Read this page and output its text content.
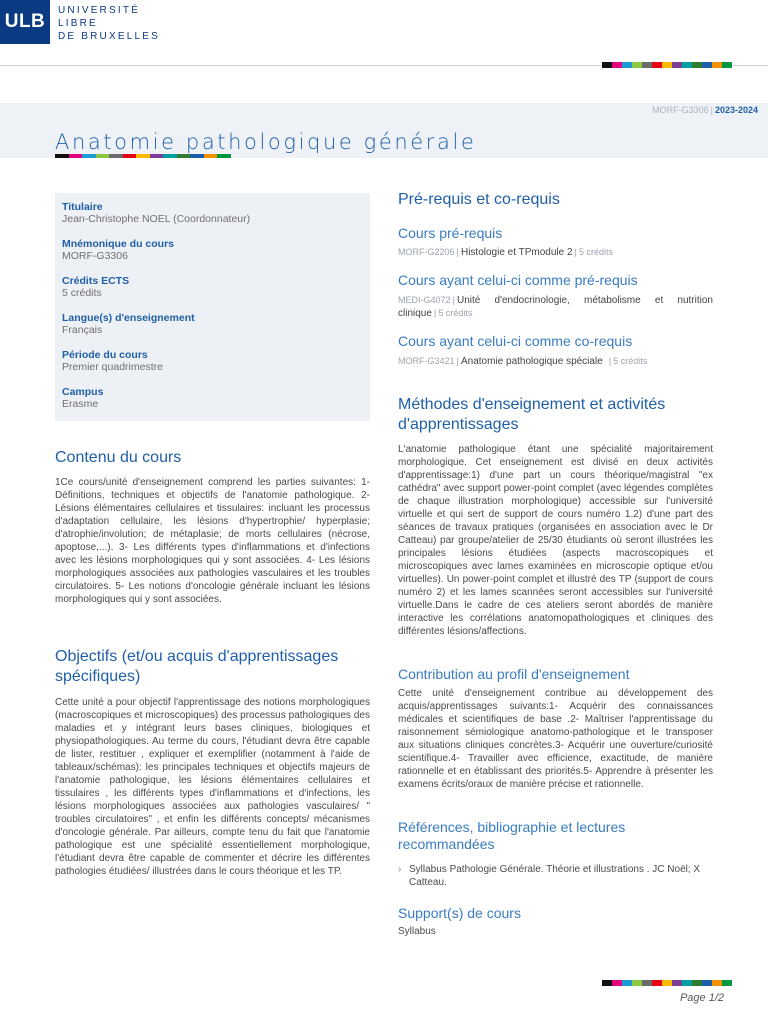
ULB
UNIVERSITÉ
LIBRE
DE BRUXELLES
MORF-G3306 | 2023-2024
Anatomie pathologique générale
Titulaire
Jean-Christophe NOEL (Coordonnateur)
Mnémonique du cours
MORF-G3306
Crédits ECTS
5 crédits
Langue(s) d'enseignement
Français
Période du cours
Premier quadrimestre
Campus
Erasme
Contenu du cours
1Ce cours/unité d'enseignement comprend les parties suivantes: 1- Définitions, techniques et objectifs de l'anatomie pathologique. 2- Lésions élémentaires cellulaires et tissulaires: incluant les processus d'adaptation cellulaire, les lésions d'hypertrophie/ hyperplasie; d'atrophie/involution; de métaplasie; de morts cellulaires (nécrose, apoptose,...). 3- Les différents types d'inflammations et d'infections avec les lésions morphologiques qui y sont associées. 4- Les lésions morphologiques associées aux pathologies vasculaires et les troubles circulatoires. 5- Les notions d'oncologie générale incluant les lésions morphologiques qui y sont associées.
Objectifs (et/ou acquis d'apprentissages spécifiques)
Cette unité a pour objectif l'apprentissage des notions morphologiques (macroscopiques et microscopiques) des processus pathologiques des maladies et y intégrant leurs bases cliniques, biologiques et physiopathologiques. Au terme du cours, l'étudiant devra être capable de lister, restituer , expliquer et exemplifier (notamment à l'aide de tableaux/schémas): les principales techniques et objectifs majeurs de l'anatomie pathologique, les lésions élémentaires cellulaires et tissulaires , les différents types d'inflammations et d'infections, les lésions morphologiques associées aux pathologies vasculaires/ " troubles circulatoires" , et enfin les différents concepts/ mécanismes d'oncologie générale. Par ailleurs, compte tenu du fait que l'anatomie pathologique est une spécialité essentiellement morphologique, l'étudiant devra être capable de commenter et décrire les différentes pathologies étudiées/ illustrées dans le cours théorique et les TP.
Pré-requis et co-requis
Cours pré-requis
MORF-G2206 | Histologie et TPmodule 2 | 5 crédits
Cours ayant celui-ci comme pré-requis
MEDI-G4072 | Unité d'endocrinologie, métabolisme et nutrition clinique | 5 crédits
Cours ayant celui-ci comme co-requis
MORF-G3421 | Anatomie pathologique spéciale | 5 crédits
Méthodes d'enseignement et activités d'apprentissages
L'anatomie pathologique étant une spécialité majoritairement morphologique. Cet enseignement est divisé en deux activités d'apprentissage:1) d'une part un cours théorique/magistral "ex cathédra" avec support power-point complet (avec légendes complètes de chaque illustration morphologique) accessible sur l'université virtuelle et qui sert de support de cours numéro 1.2) d'une part des séances de travaux pratiques (organisées en association avec le Dr Catteau) par groupe/atelier de 25/30 étudiants où seront illustrées les principales lésions étudiées (aspects macroscopiques et microscopiques avec lames examinées en microscopie optique et/ou virtuelles). Un power-point complet et illustré des TP (support de cours numéro 2) et les lames scannées seront accessibles sur l'université virtuelle.Dans le cadre de ces ateliers seront abordés de manière interactive les corrélations anatomopathologiques et cliniques des différentes lésions/affections.
Contribution au profil d'enseignement
Cette unité d'enseignement contribue au développement des acquis/apprentissages suivants:1- Acquérir des connaissances médicales et scientifiques de base .2- Maîtriser l'apprentissage du raisonnement sémiologique anatomo-pathologique et le transposer aux situations cliniques concrètes.3- Acquérir une ouverture/curiosité scientifique.4- Travailler avec efficience, exactitude, de manière rationnelle et en établissant des priorités.5- Apprendre à présenter les examens écrits/oraux de manière précise et rationnelle.
Références, bibliographie et lectures recommandées
› Syllabus Pathologie Générale. Théorie et illustrations . JC Noël; X Catteau.
Support(s) de cours
Syllabus
Page 1/2
